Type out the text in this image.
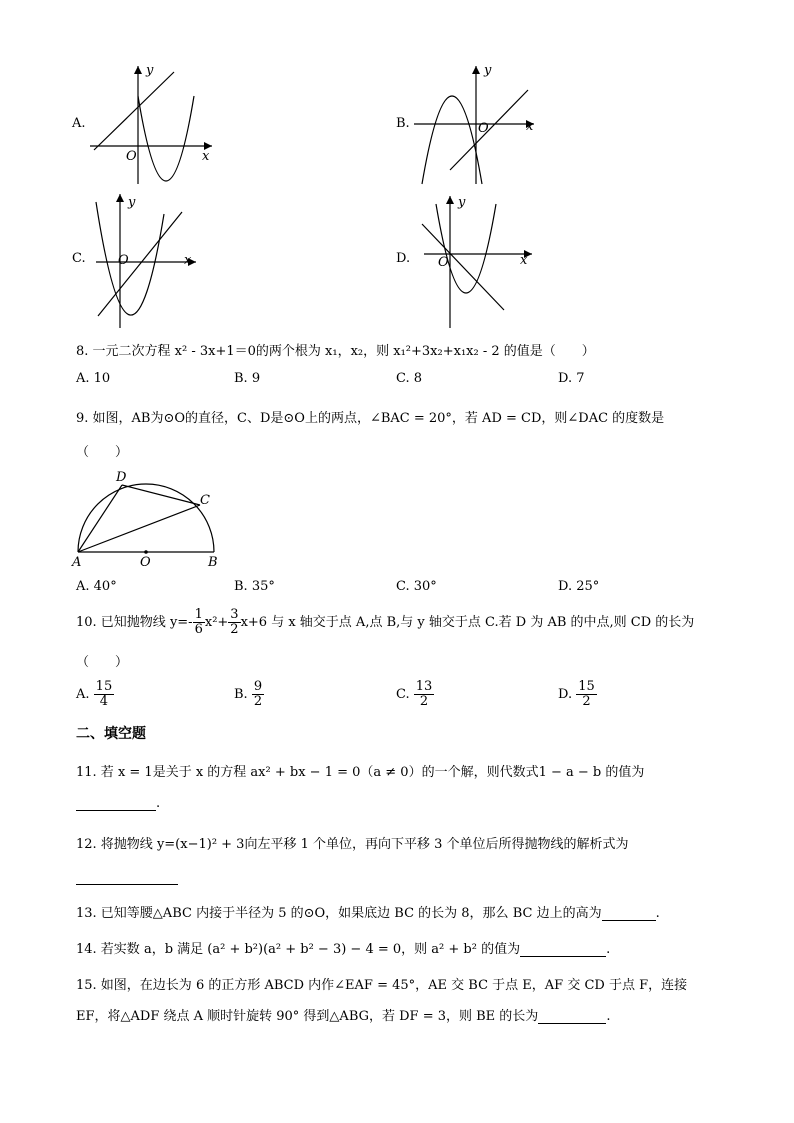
A.
y
x
O
B.
y
x
O
C.
y
x
O	D.
y
x
O
8. 一元二次方程 x² - 3x+1＝0的两个根为 x₁，x₂，则 x₁²+3x₂+x₁x₂ - 2 的值是（　　）
A. 10	B. 9	C. 8	D. 7
9. 如图，AB为⊙O的直径，C、D是⊙O上的两点，∠BAC = 20°，若 AD = CD，则∠DAC 的度数是
（　　）
A	B
C
D
O
A. 40°	B. 35°	C. 30°	D. 25°
10. 已知抛物线 $y=- \frac{1}{6} x^2+ \frac{3}{2} x+6$ 与 x 轴交于点 A,点 B,与 y 轴交于点 C.若 D 为 AB 的中点,则 CD 的长为
（　　）
A. $\frac{15}{4}$	B. $\frac{9}{2}$	C. $\frac{13}{2}$	D. $\frac{15}{2}$
二、填空题
11. 若 x = 1是关于 x 的方程 ax² + bx − 1 = 0（a ≠ 0）的一个解，则代数式1 − a − b 的值为
.
12. 将抛物线 y=(x−1)² + 3向左平移 1 个单位，再向下平移 3 个单位后所得抛物线的解析式为
13. 已知等腰△ABC 内接于半径为 5 的⊙O，如果底边 BC 的长为 8，那么 BC 边上的高为	.
14. 若实数 a，b 满足 (a² + b²)(a² + b² − 3) − 4 = 0，则 a² + b² 的值为	.
15. 如图，在边长为 6 的正方形 ABCD 内作∠EAF = 45°，AE 交 BC 于点 E，AF 交 CD 于点 F，连接
EF，将△ADF 绕点 A 顺时针旋转 90° 得到△ABG，若 DF = 3，则 BE 的长为	.
